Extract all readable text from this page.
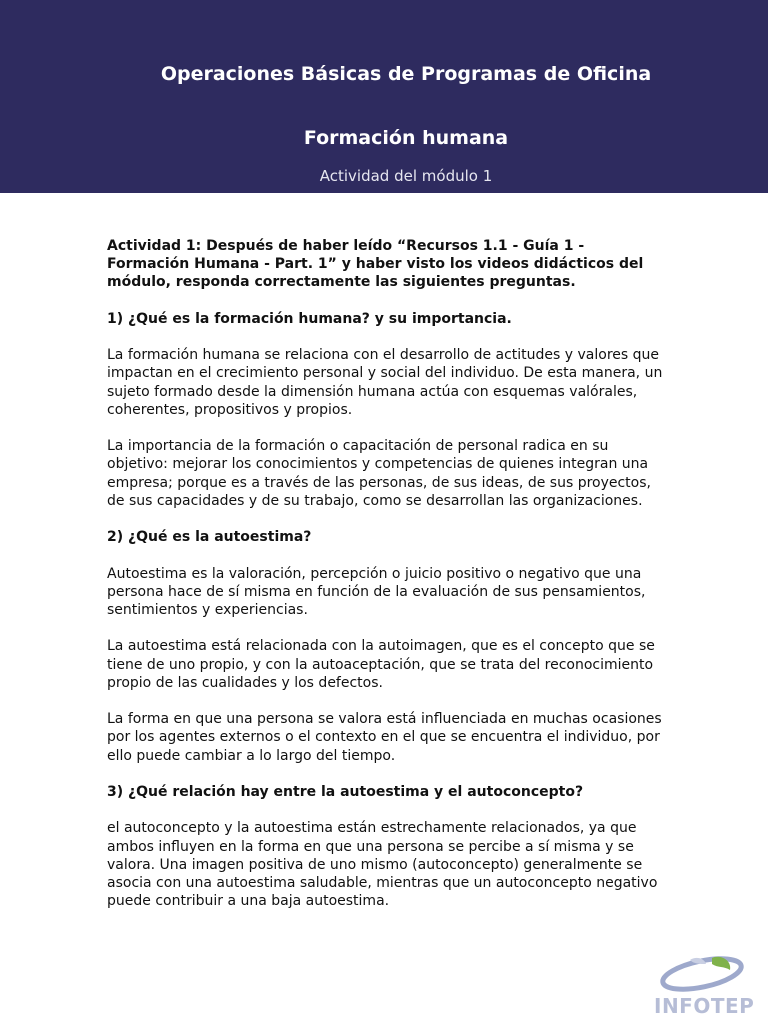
Operaciones Básicas de Programas de Oficina
Formación humana

Actividad del módulo 1

Actividad 1: Después de haber leído “Recursos 1.1 - Guía 1 - Formación Humana - Part. 1” y haber visto los videos didácticos del módulo, responda correctamente las siguientes preguntas.

1) ¿Qué es la formación humana? y su importancia.

La formación humana se relaciona con el desarrollo de actitudes y valores que impactan en el crecimiento personal y social del individuo. De esta manera, un sujeto formado desde la dimensión humana actúa con esquemas valórales, coherentes, propositivos y propios.

La importancia de la formación o capacitación de personal radica en su objetivo: mejorar los conocimientos y competencias de quienes integran una empresa; porque es a través de las personas, de sus ideas, de sus proyectos, de sus capacidades y de su trabajo, como se desarrollan las organizaciones.

2) ¿Qué es la autoestima?

Autoestima es la valoración, percepción o juicio positivo o negativo que una persona hace de sí misma en función de la evaluación de sus pensamientos, sentimientos y experiencias.

La autoestima está relacionada con la autoimagen, que es el concepto que se tiene de uno propio, y con la autoaceptación, que se trata del reconocimiento propio de las cualidades y los defectos.

La forma en que una persona se valora está influenciada en muchas ocasiones por los agentes externos o el contexto en el que se encuentra el individuo, por ello puede cambiar a lo largo del tiempo.

3) ¿Qué relación hay entre la autoestima y el autoconcepto?

el autoconcepto y la autoestima están estrechamente relacionados, ya que ambos influyen en la forma en que una persona se percibe a sí misma y se valora. Una imagen positiva de uno mismo (autoconcepto) generalmente se asocia con una autoestima saludable, mientras que un autoconcepto negativo puede contribuir a una baja autoestima.

INFOTEP
